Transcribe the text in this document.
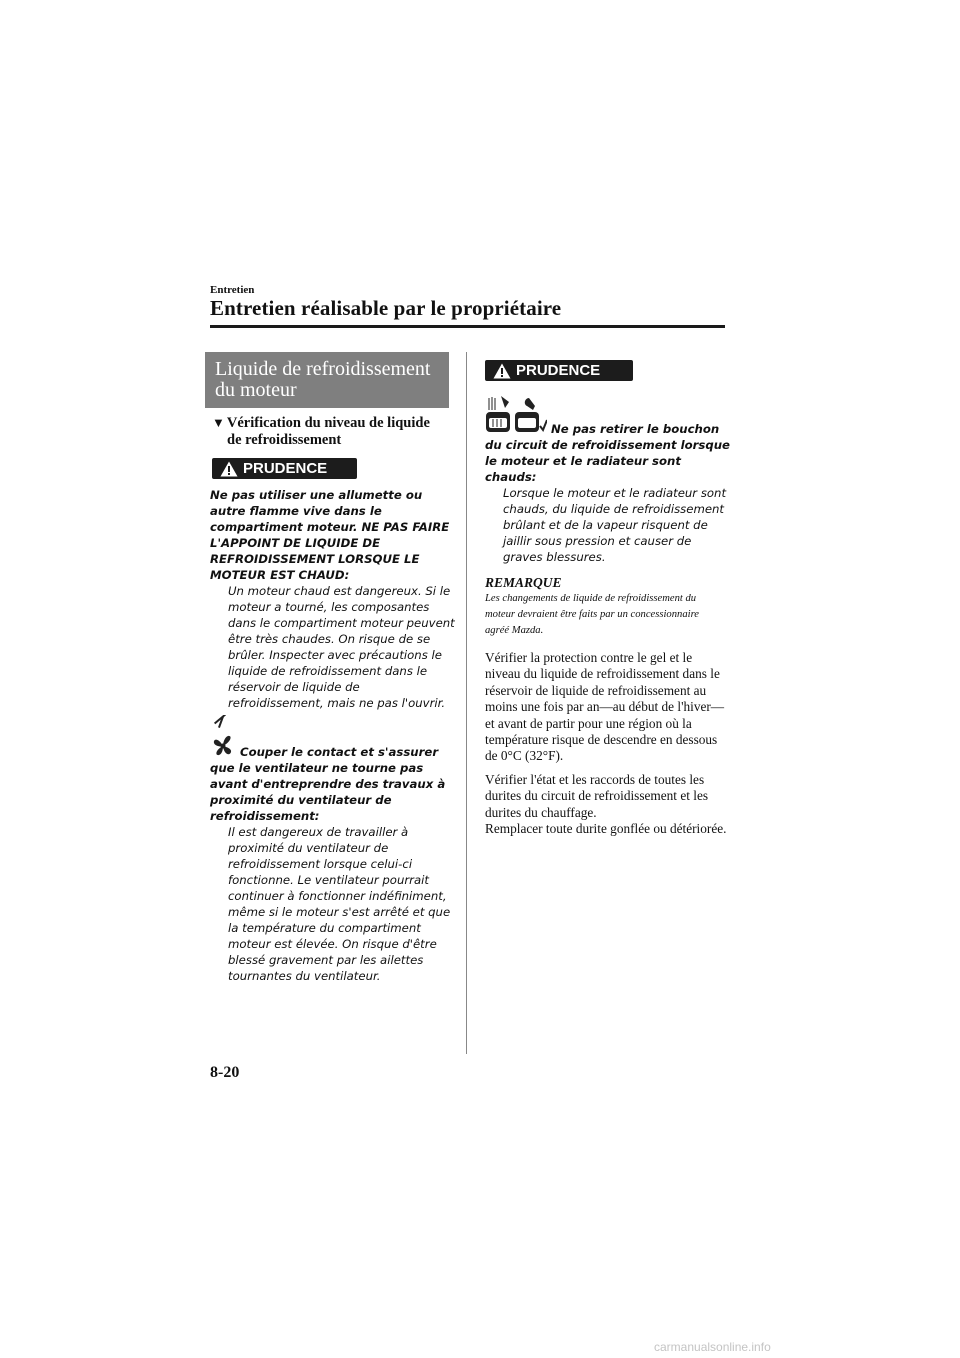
Entretien
Entretien réalisable par le propriétaire
Liquide de refroidissement
du moteur
▼ Vérification du niveau de liquide
de refroidissement
PRUDENCE
Ne pas utiliser une allumette ou autre flamme vive dans le compartiment moteur. NE PAS FAIRE L'APPOINT DE LIQUIDE DE REFROIDISSEMENT LORSQUE LE MOTEUR EST CHAUD:
Un moteur chaud est dangereux. Si le moteur a tourné, les composantes dans le compartiment moteur peuvent être très chaudes. On risque de se brûler. Inspecter avec précautions le liquide de refroidissement dans le réservoir de liquide de refroidissement, mais ne pas l'ouvrir.
Couper le contact et s'assurer que le ventilateur ne tourne pas avant d'entreprendre des travaux à proximité du ventilateur de refroidissement:
Il est dangereux de travailler à proximité du ventilateur de refroidissement lorsque celui-ci fonctionne. Le ventilateur pourrait continuer à fonctionner indéfiniment, même si le moteur s'est arrêté et que la température du compartiment moteur est élevée. On risque d'être blessé gravement par les ailettes tournantes du ventilateur.
PRUDENCE
Ne pas retirer le bouchon du circuit de refroidissement lorsque le moteur et le radiateur sont chauds:
Lorsque le moteur et le radiateur sont chauds, du liquide de refroidissement brûlant et de la vapeur risquent de jaillir sous pression et causer de graves blessures.
REMARQUE
Les changements de liquide de refroidissement du moteur devraient être faits par un concessionnaire agréé Mazda.
Vérifier la protection contre le gel et le niveau du liquide de refroidissement dans le réservoir de liquide de refroidissement au moins une fois par an—au début de l'hiver—et avant de partir pour une région où la température risque de descendre en dessous de 0°C (32°F).
Vérifier l'état et les raccords de toutes les durites du circuit de refroidissement et les durites du chauffage.
Remplacer toute durite gonflée ou détériorée.
8-20
carmanualsonline.info
